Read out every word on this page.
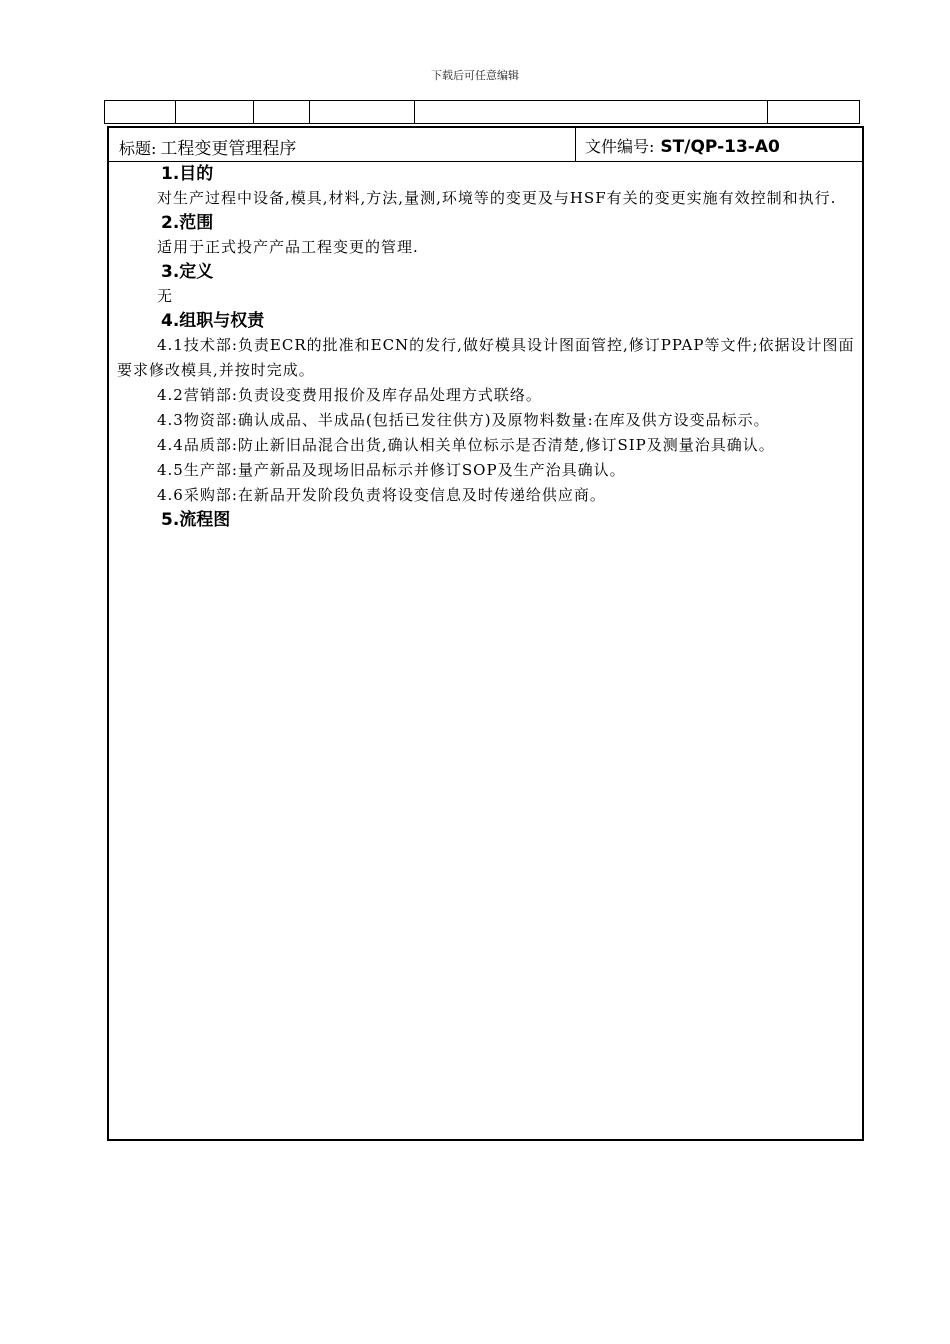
下载后可任意编辑
标题: 工程变更管理程序	文件编号: ST/QP-13-A0
1.目的
对生产过程中设备,模具,材料,方法,量测,环境等的变更及与HSF有关的变更实施有效控制和执行.
2.范围
适用于正式投产产品工程变更的管理.
3.定义
无
4.组职与权责
4.1技术部:负责ECR的批准和ECN的发行,做好模具设计图面管控,修订PPAP等文件;依据设计图面要求修改模具,并按时完成。
4.2营销部:负责设变费用报价及库存品处理方式联络。
4.3物资部:确认成品、半成品(包括已发往供方)及原物料数量:在库及供方设变品标示。
4.4品质部:防止新旧品混合出货,确认相关单位标示是否清楚,修订SIP及测量治具确认。
4.5生产部:量产新品及现场旧品标示并修订SOP及生产治具确认。
4.6采购部:在新品开发阶段负责将设变信息及时传递给供应商。
5.流程图
